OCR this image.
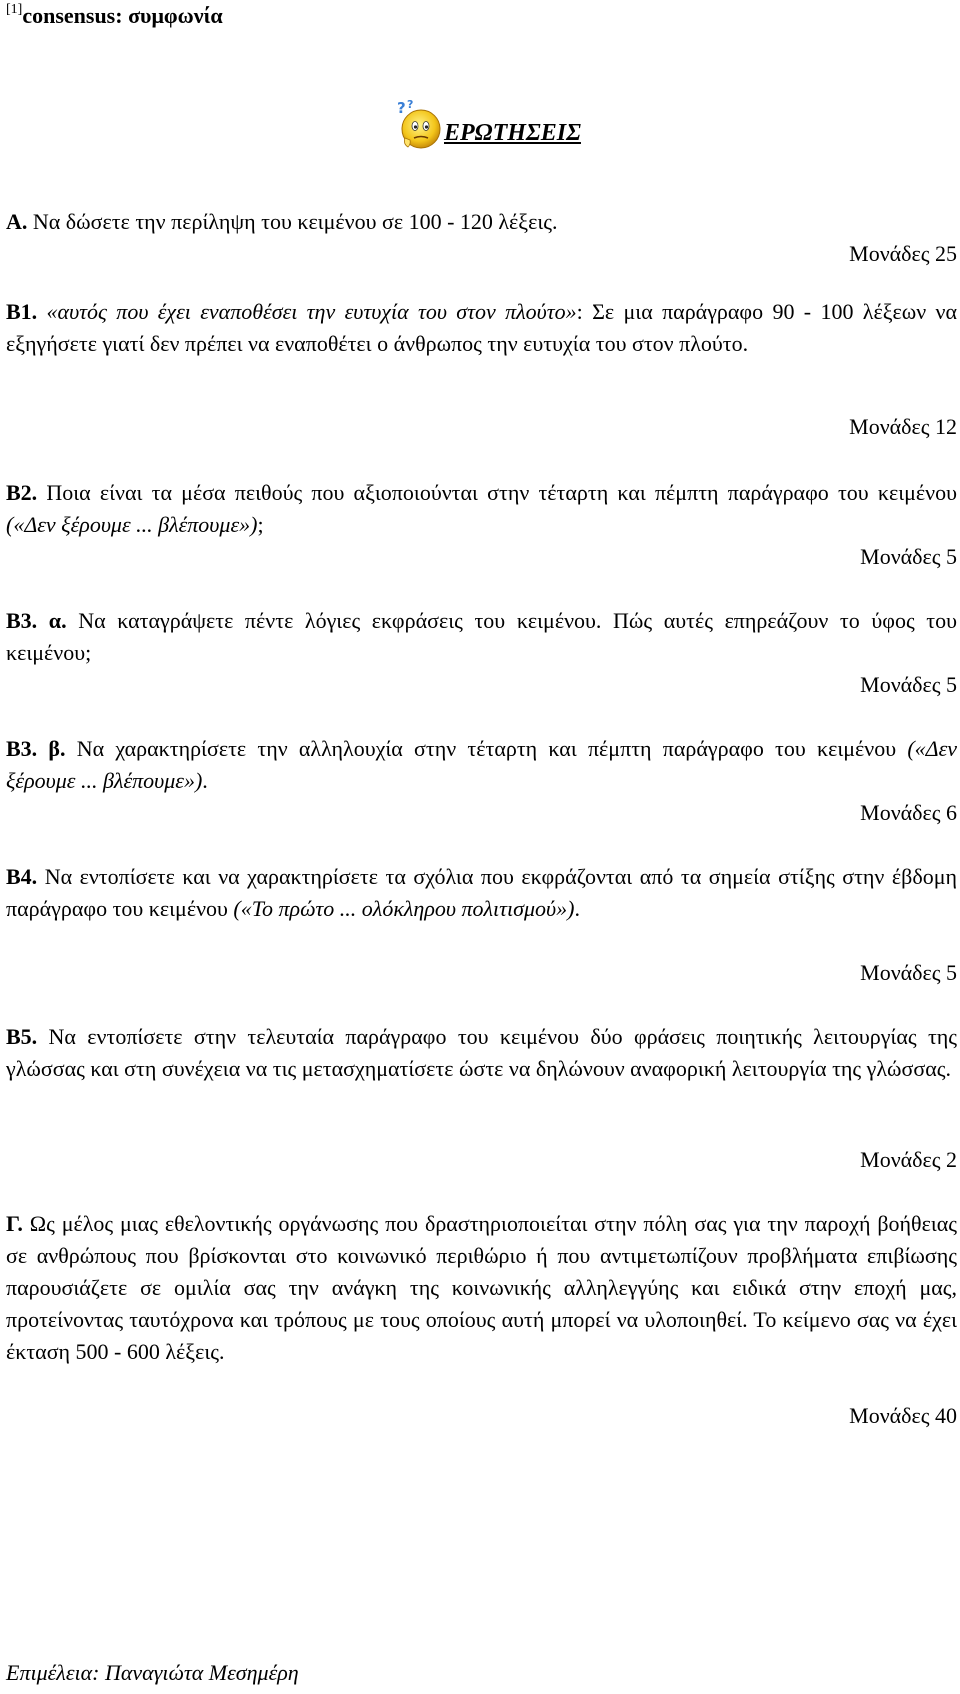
[1]consensus: συμφωνία
? ?
ΕΡΩΤΗΣΕΙΣ
Α. Να δώσετε την περίληψη του κειμένου σε 100 - 120 λέξεις.
Μονάδες 25
Β1. «αυτός που έχει εναποθέσει την ευτυχία του στον πλούτο»: Σε μια παράγραφο 90 - 100 λέξεων να εξηγήσετε γιατί δεν πρέπει να εναποθέτει ο άνθρωπος την ευτυχία του στον πλούτο.
Μονάδες 12
Β2. Ποια είναι τα μέσα πειθούς που αξιοποιούνται στην τέταρτη και πέμπτη παράγραφο του κειμένου («Δεν ξέρουμε ... βλέπουμε»);
Μονάδες 5
Β3. α. Να καταγράψετε πέντε λόγιες εκφράσεις του κειμένου. Πώς αυτές επηρεάζουν το ύφος του κειμένου;
Μονάδες 5
Β3. β. Να χαρακτηρίσετε την αλληλουχία στην τέταρτη και πέμπτη παράγραφο του κειμένου («Δεν ξέρουμε ... βλέπουμε»).
Μονάδες 6
Β4. Να εντοπίσετε και να χαρακτηρίσετε τα σχόλια που εκφράζονται από τα σημεία στίξης στην έβδομη παράγραφο του κειμένου («Το πρώτο ... ολόκληρου πολιτισμού»).
Μονάδες 5
Β5. Να εντοπίσετε στην τελευταία παράγραφο του κειμένου δύο φράσεις ποιητικής λειτουργίας της γλώσσας και στη συνέχεια να τις μετασχηματίσετε ώστε να δηλώνουν αναφορική λειτουργία της γλώσσας.
Μονάδες 2
Γ. Ως μέλος μιας εθελοντικής οργάνωσης που δραστηριοποιείται στην πόλη σας για την παροχή βοήθειας σε ανθρώπους που βρίσκονται στο κοινωνικό περιθώριο ή που αντιμετωπίζουν προβλήματα επιβίωσης παρουσιάζετε σε ομιλία σας την ανάγκη της κοινωνικής αλληλεγγύης και ειδικά στην εποχή μας, προτείνοντας ταυτόχρονα και τρόπους με τους οποίους αυτή μπορεί να υλοποιηθεί. Το κείμενο σας να έχει έκταση 500 - 600 λέξεις.
Μονάδες 40
Επιμέλεια: Παναγιώτα Μεσημέρη
